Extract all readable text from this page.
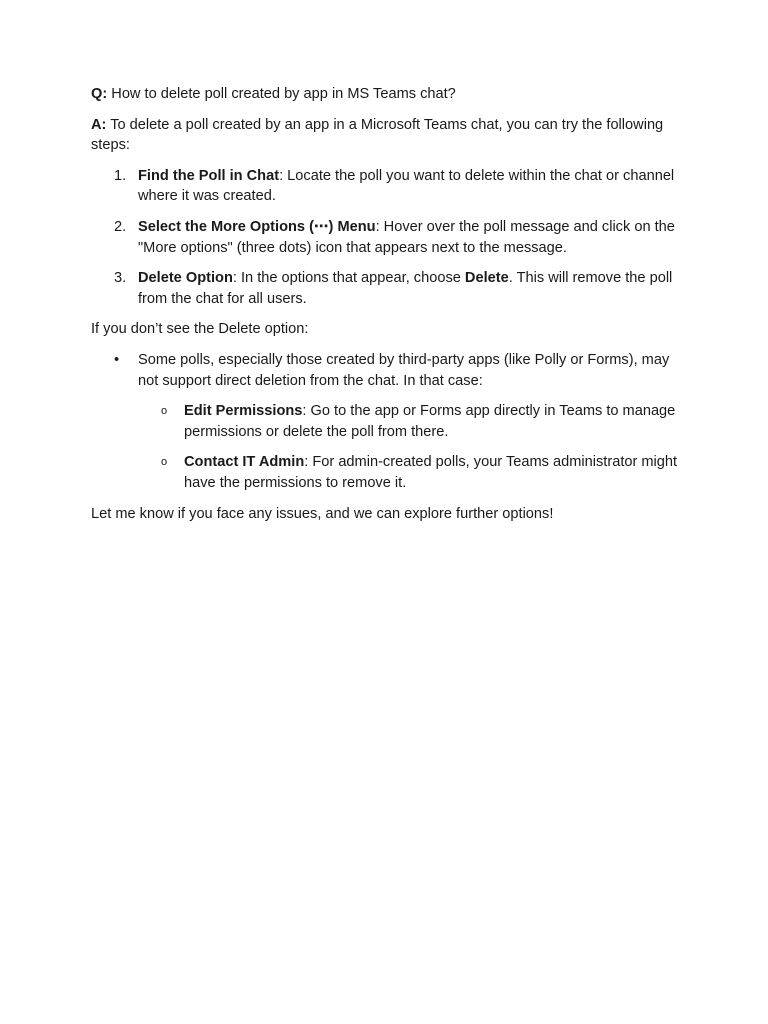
Q: How to delete poll created by app in MS Teams chat?

A: To delete a poll created by an app in a Microsoft Teams chat, you can try the following steps:

1. Find the Poll in Chat: Locate the poll you want to delete within the chat or channel where it was created.
2. Select the More Options (⋯) Menu: Hover over the poll message and click on the "More options" (three dots) icon that appears next to the message.
3. Delete Option: In the options that appear, choose Delete. This will remove the poll from the chat for all users.

If you don’t see the Delete option:

• Some polls, especially those created by third-party apps (like Polly or Forms), may not support direct deletion from the chat. In that case:
o Edit Permissions: Go to the app or Forms app directly in Teams to manage permissions or delete the poll from there.
o Contact IT Admin: For admin-created polls, your Teams administrator might have the permissions to remove it.

Let me know if you face any issues, and we can explore further options!
